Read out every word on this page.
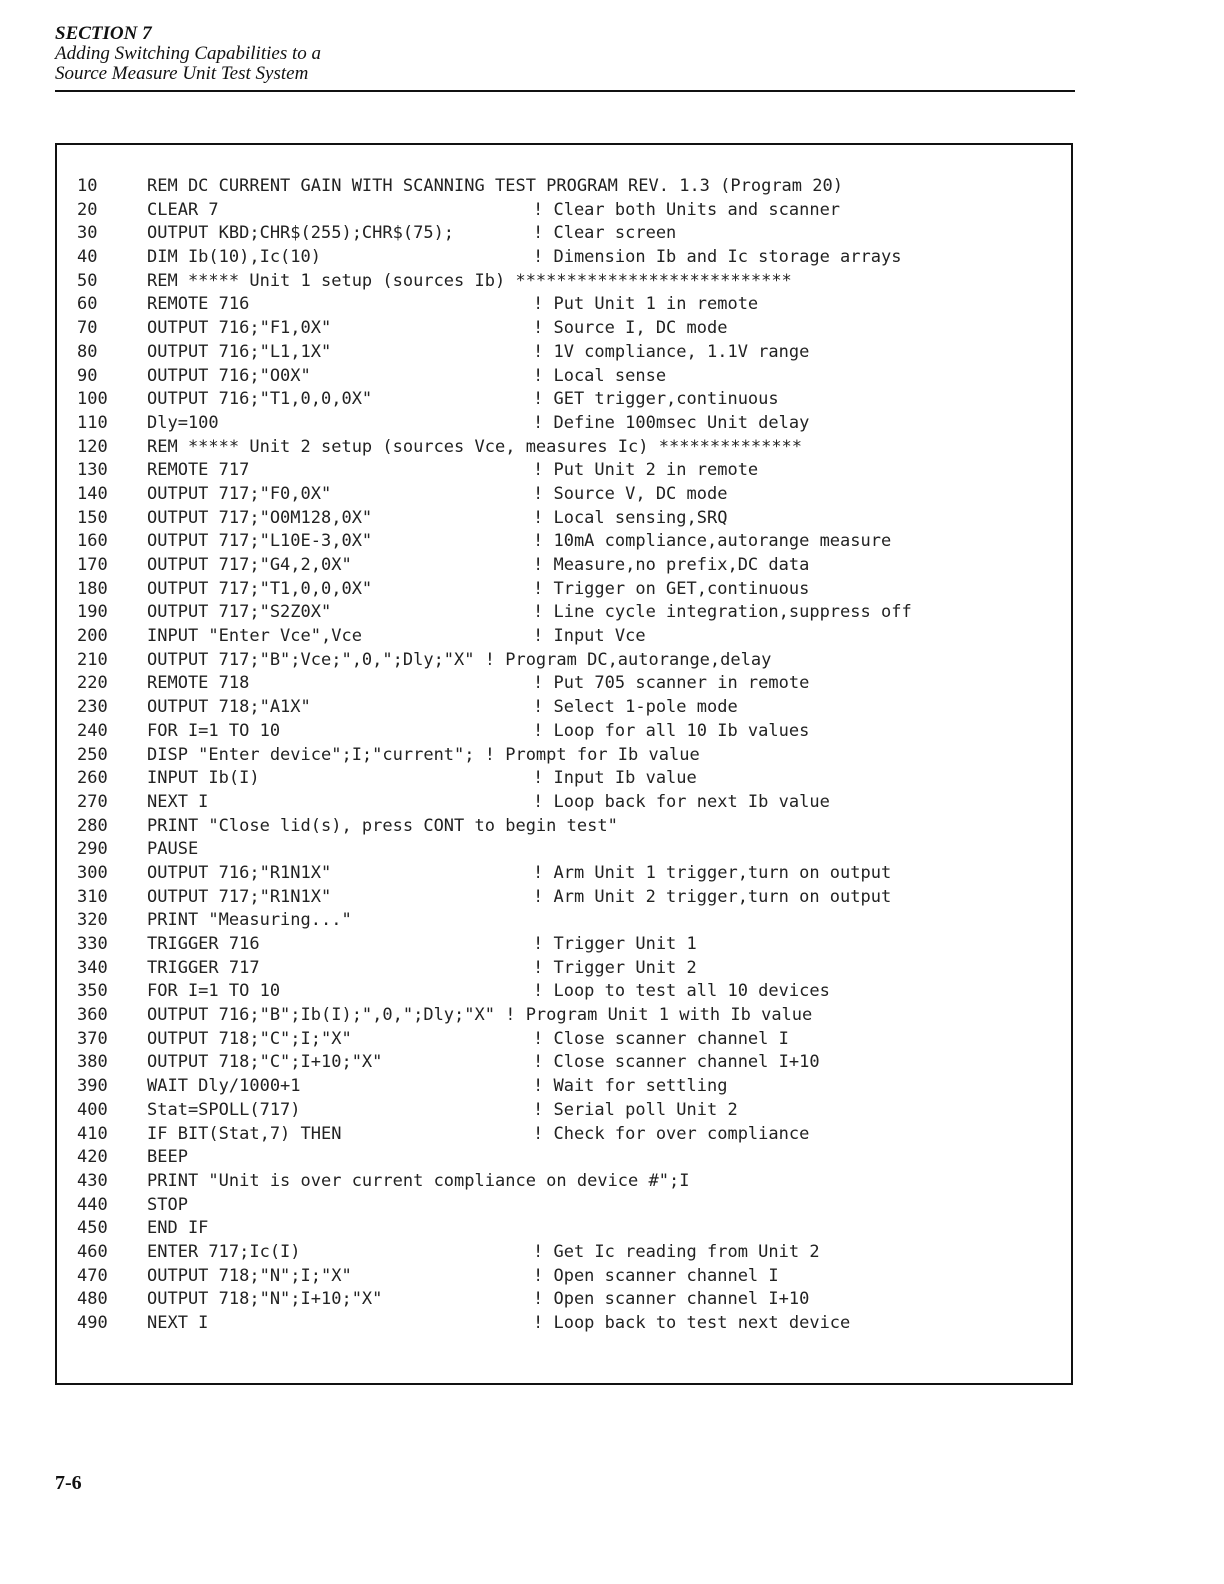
SECTION 7
Adding Switching Capabilities to a
Source Measure Unit Test System
10	REM DC CURRENT GAIN WITH SCANNING TEST PROGRAM REV. 1.3 (Program 20)
20	CLEAR 7	! Clear both Units and scanner
30	OUTPUT KBD;CHR$(255);CHR$(75);	! Clear screen
40	DIM Ib(10),Ic(10)	! Dimension Ib and Ic storage arrays
50	REM ***** Unit 1 setup (sources Ib) ***************************
60	REMOTE 716	! Put Unit 1 in remote
70	OUTPUT 716;"F1,0X"	! Source I, DC mode
80	OUTPUT 716;"L1,1X"	! 1V compliance, 1.1V range
90	OUTPUT 716;"O0X"	! Local sense
100 OUTPUT 716;"T1,0,0,0X"	! GET trigger,continuous
110 Dly=100	! Define 100msec Unit delay
120 REM ***** Unit 2 setup (sources Vce, measures Ic) **************
130 REMOTE 717	! Put Unit 2 in remote
140 OUTPUT 717;"F0,0X"	! Source V, DC mode
150 OUTPUT 717;"O0M128,0X"	! Local sensing,SRQ
160 OUTPUT 717;"L10E-3,0X"	! 10mA compliance,autorange measure
170 OUTPUT 717;"G4,2,0X"	! Measure,no prefix,DC data
180 OUTPUT 717;"T1,0,0,0X"	! Trigger on GET,continuous
190 OUTPUT 717;"S2Z0X"	! Line cycle integration,suppress off
200 INPUT "Enter Vce",Vce	! Input Vce
210 OUTPUT 717;"B";Vce;",0,";Dly;"X" ! Program DC,autorange,delay
220 REMOTE 718	! Put 705 scanner in remote
230 OUTPUT 718;"A1X"	! Select 1-pole mode
240 FOR I=1 TO 10	! Loop for all 10 Ib values
250 DISP "Enter device";I;"current"; ! Prompt for Ib value
260 INPUT Ib(I)	! Input Ib value
270 NEXT I	! Loop back for next Ib value
280 PRINT "Close lid(s), press CONT to begin test"
290 PAUSE
300 OUTPUT 716;"R1N1X"	! Arm Unit 1 trigger,turn on output
310 OUTPUT 717;"R1N1X"	! Arm Unit 2 trigger,turn on output
320 PRINT "Measuring..."
330 TRIGGER 716	! Trigger Unit 1
340 TRIGGER 717	! Trigger Unit 2
350 FOR I=1 TO 10	! Loop to test all 10 devices
360 OUTPUT 716;"B";Ib(I);",0,";Dly;"X" ! Program Unit 1 with Ib value
370 OUTPUT 718;"C";I;"X"	! Close scanner channel I
380 OUTPUT 718;"C";I+10;"X"	! Close scanner channel I+10
390 WAIT Dly/1000+1	! Wait for settling
400 Stat=SPOLL(717)	! Serial poll Unit 2
410 IF BIT(Stat,7) THEN	! Check for over compliance
420 BEEP
430 PRINT "Unit is over current compliance on device #";I
440 STOP
450 END IF
460 ENTER 717;Ic(I)	! Get Ic reading from Unit 2
470 OUTPUT 718;"N";I;"X"	! Open scanner channel I
480 OUTPUT 718;"N";I+10;"X"	! Open scanner channel I+10
490 NEXT I	! Loop back to test next device
7-6
